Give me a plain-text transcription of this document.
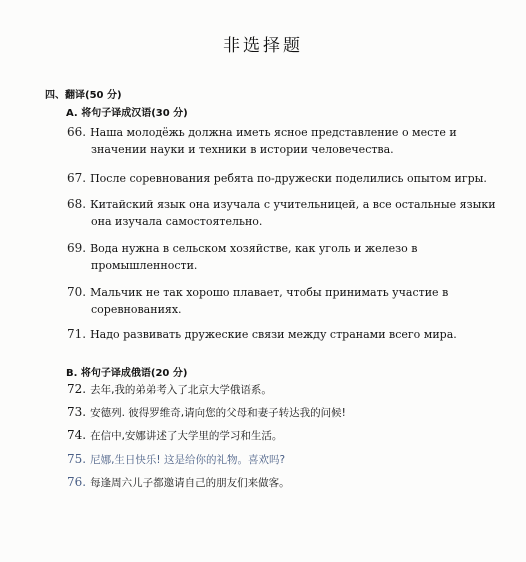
非选择题
四、翻译(50 分)
A. 将句子译成汉语(30 分)
66. Наша молодёжь должна иметь ясное представление о месте и
значении науки и техники в истории человечества.
67. После соревнования ребята по-дружески поделились опытом игры.
68. Китайский язык она изучала с учительницей, а все остальные языки
она изучала самостоятельно.
69. Вода нужна в сельском хозяйстве, как уголь и железо в
промышленности.
70. Мальчик не так хорошо плавает, чтобы принимать участие в
соревнованиях.
71. Надо развивать дружеские связи между странами всего мира.
B. 将句子译成俄语(20 分)
72. 去年,我的弟弟考入了北京大学俄语系。
73. 安德列. 彼得罗维奇,请向您的父母和妻子转达我的问候!
74. 在信中,安娜讲述了大学里的学习和生活。
75. 尼娜,生日快乐! 这是给你的礼物。喜欢吗?
76. 每逢周六儿子都邀请自己的朋友们来做客。
